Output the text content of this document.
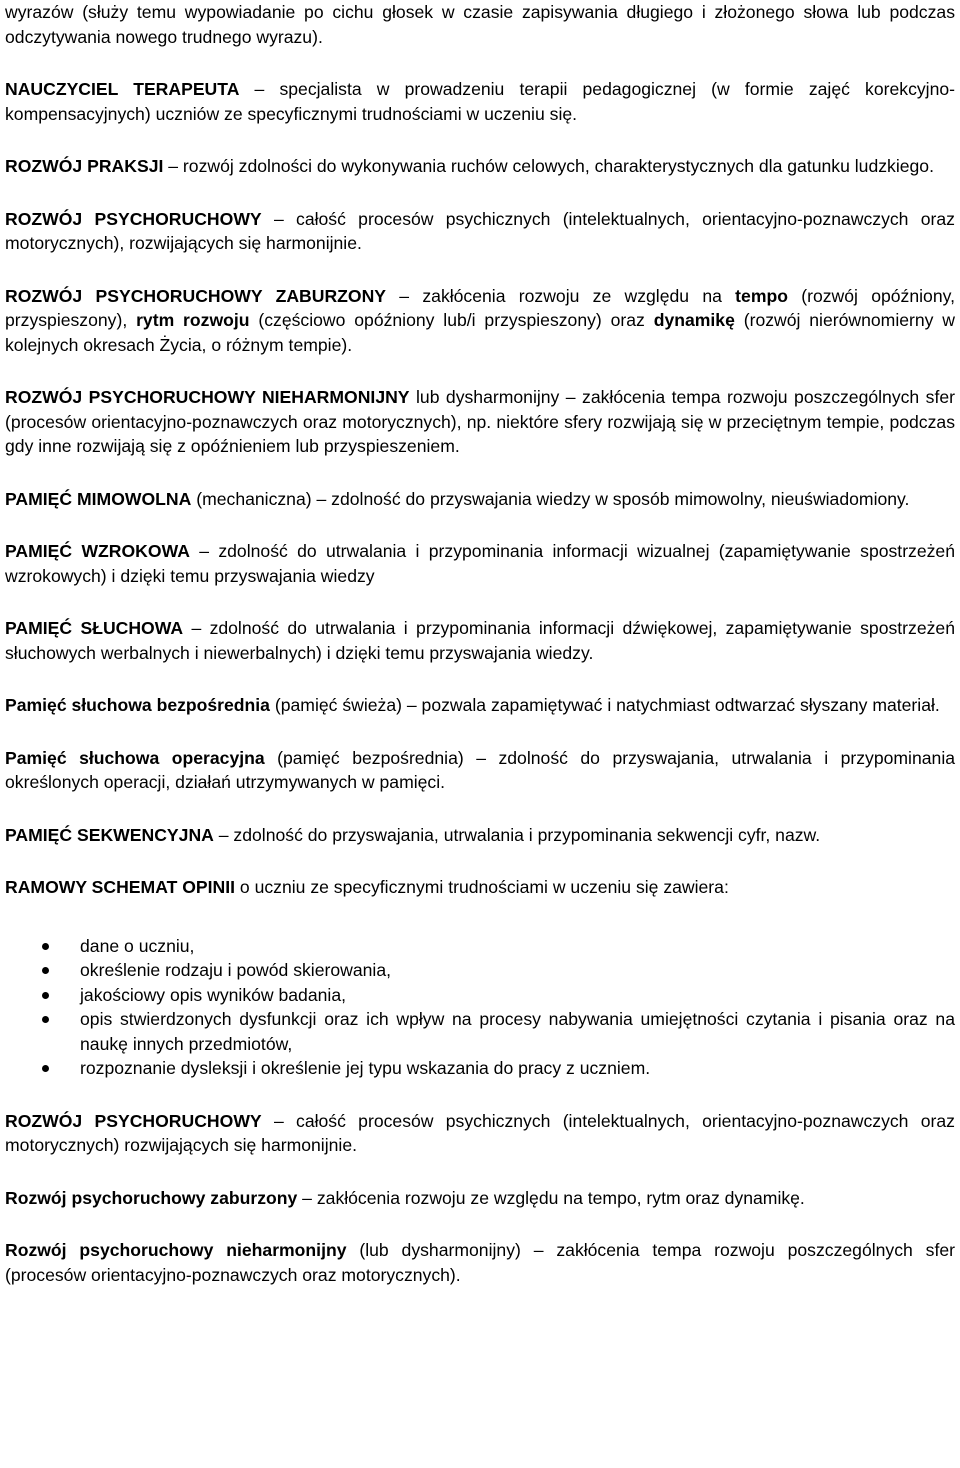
wyrazów (służy temu wypowiadanie po cichu głosek w czasie zapisywania długiego i złożonego słowa lub podczas odczytywania nowego trudnego wyrazu).

NAUCZYCIEL TERAPEUTA – specjalista w prowadzeniu terapii pedagogicznej (w formie zajęć korekcyjno-kompensacyjnych) uczniów ze specyficznymi trudnościami w uczeniu się.

ROZWÓJ PRAKSJI – rozwój zdolności do wykonywania ruchów celowych, charakterystycznych dla gatunku ludzkiego.

ROZWÓJ PSYCHORUCHOWY – całość procesów psychicznych (intelektualnych, orientacyjno-poznawczych oraz motorycznych), rozwijających się harmonijnie.

ROZWÓJ PSYCHORUCHOWY ZABURZONY – zakłócenia rozwoju ze względu na tempo (rozwój opóźniony, przyspieszony), rytm rozwoju (częściowo opóźniony lub/i przyspieszony) oraz dynamikę (rozwój nierównomierny w kolejnych okresach Życia, o różnym tempie).

ROZWÓJ PSYCHORUCHOWY NIEHARMONIJNY lub dysharmonijny – zakłócenia tempa rozwoju poszczególnych sfer (procesów orientacyjno-poznawczych oraz motorycznych), np. niektóre sfery rozwijają się w przeciętnym tempie, podczas gdy inne rozwijają się z opóźnieniem lub przyspieszeniem.

PAMIĘĆ MIMOWOLNA (mechaniczna) – zdolność do przyswajania wiedzy w sposób mimowolny, nieuświadomiony.

PAMIĘĆ WZROKOWA – zdolność do utrwalania i przypominania informacji wizualnej (zapamiętywanie spostrzeżeń wzrokowych) i dzięki temu przyswajania wiedzy

PAMIĘĆ SŁUCHOWA – zdolność do utrwalania i przypominania informacji dźwiękowej, zapamiętywanie spostrzeżeń słuchowych werbalnych i niewerbalnych) i dzięki temu przyswajania wiedzy.

Pamięć słuchowa bezpośrednia (pamięć świeża) – pozwala zapamiętywać i natychmiast odtwarzać słyszany materiał.

Pamięć słuchowa operacyjna (pamięć bezpośrednia) – zdolność do przyswajania, utrwalania i przypominania określonych operacji, działań utrzymywanych w pamięci.

PAMIĘĆ SEKWENCYJNA – zdolność do przyswajania, utrwalania i przypominania sekwencji cyfr, nazw.

RAMOWY SCHEMAT OPINII o uczniu ze specyficznymi trudnościami w uczeniu się zawiera:

dane o uczniu,
określenie rodzaju i powód skierowania,
jakościowy opis wyników badania,
opis stwierdzonych dysfunkcji oraz ich wpływ na procesy nabywania umiejętności czytania i pisania oraz na naukę innych przedmiotów,
rozpoznanie dysleksji i określenie jej typu wskazania do pracy z uczniem.

ROZWÓJ PSYCHORUCHOWY – całość procesów psychicznych (intelektualnych, orientacyjno-poznawczych oraz motorycznych) rozwijających się harmonijnie.

Rozwój psychoruchowy zaburzony – zakłócenia rozwoju ze względu na tempo, rytm oraz dynamikę.

Rozwój psychoruchowy nieharmonijny (lub dysharmonijny) – zakłócenia tempa rozwoju poszczególnych sfer (procesów orientacyjno-poznawczych oraz motorycznych).
